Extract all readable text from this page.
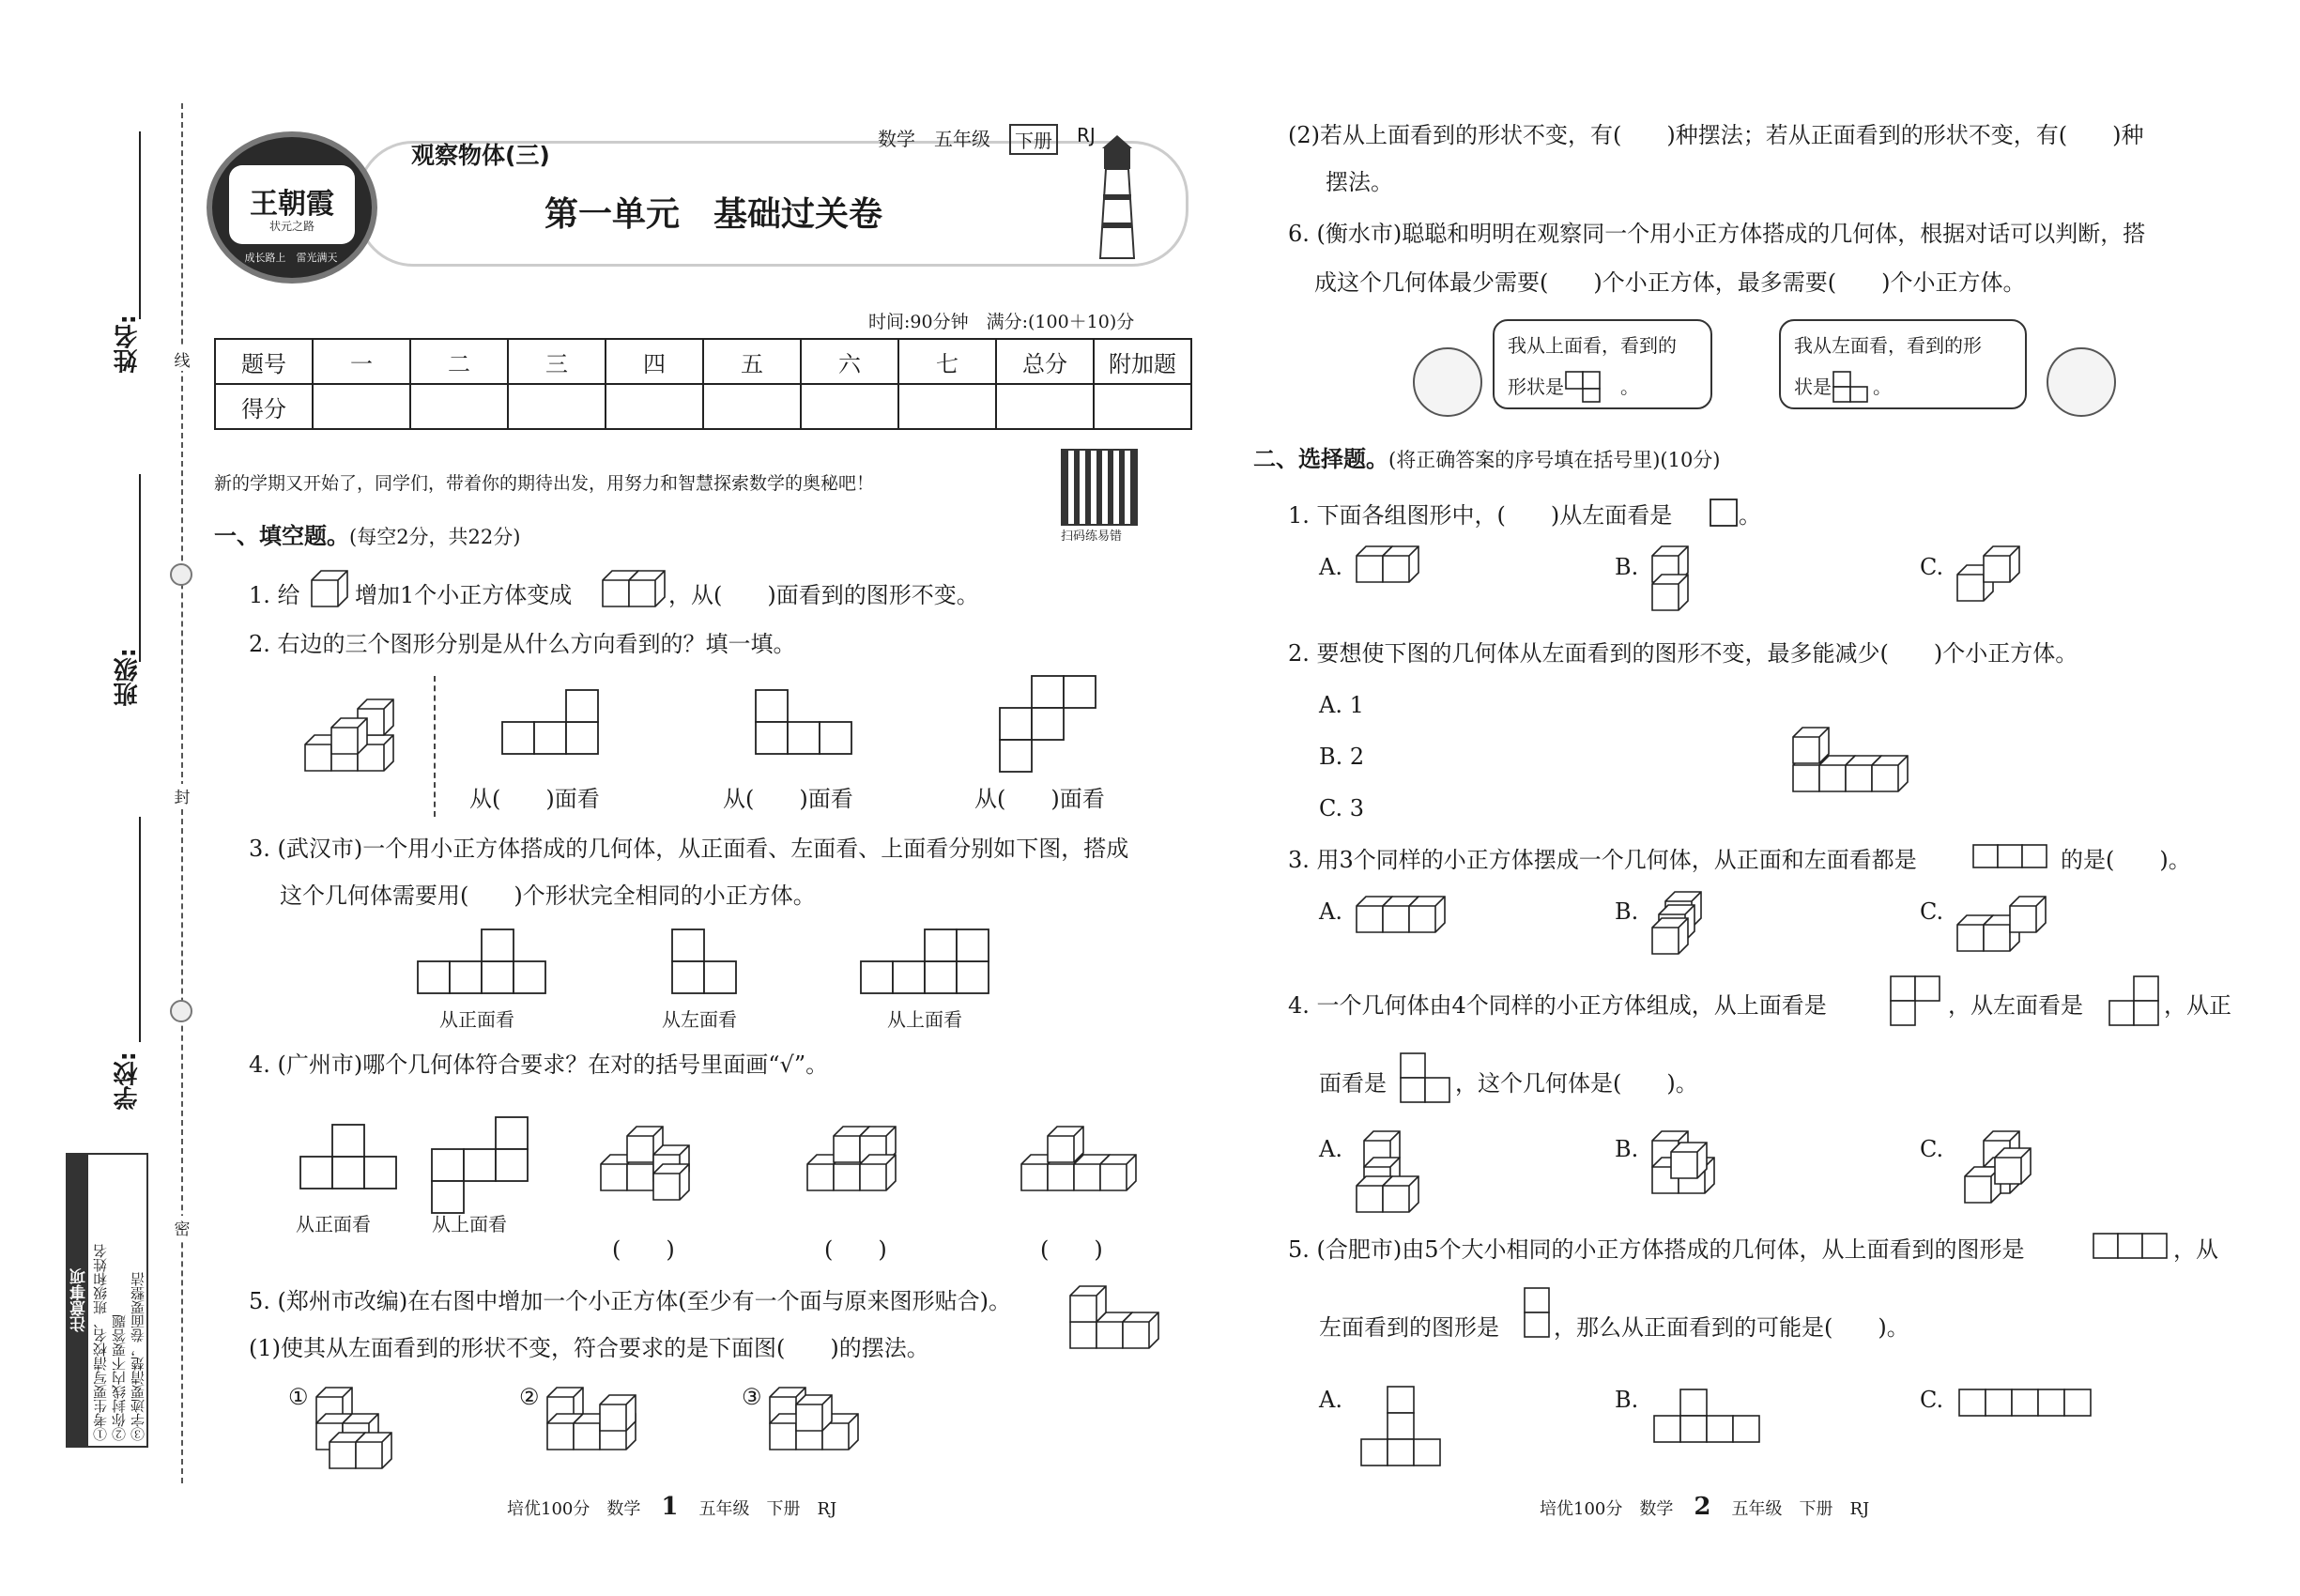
姓名:
班级:
学校:
线
封
密
注意事项 ①考生要写清校名、班级和姓名 ②你封线内不要答题 ③字迹要清楚，卷面要整洁
王朝霞
状元之路
成长路上　 雷光满天
观察物体(三)
数学 五年级	下册	RJ
第一单元　基础过关卷
时间:90分钟　满分:(100＋10)分
题号	一	二	三	四	五	六	七	总分	附加题
得分									
新的学期又开始了，同学们，带着你的期待出发，用努力和智慧探索数学的奥秘吧！
扫码练易错
一、填空题。(每空2分，共22分)
1. 给 增加1个小正方体变成	，从(　　)面看到的图形不变。
2. 右边的三个图形分别是从什么方向看到的？填一填。
从(　　)面看	从(　　)面看	从(　　)面看
3. (武汉市)一个用小正方体搭成的几何体，从正面看、左面看、上面看分别如下图，搭成
这个几何体需要用(　　)个形状完全相同的小正方体。
从正面看	从左面看	从上面看
4. (广州市)哪个几何体符合要求？在对的括号里面画“√”。
从正面看	从上面看
(　　)	(　　)	(　　)
5. (郑州市改编)在右图中增加一个小正方体(至少有一个面与原来图形贴合)。
(1)使其从左面看到的形状不变，符合要求的是下面图(　　)的摆法。
①	②	③
培优100分　数学 1 五年级　下册　RJ
(2)若从上面看到的形状不变，有(　　)种摆法；若从正面看到的形状不变，有(　　)种
摆法。
6. (衡水市)聪聪和明明在观察同一个用小正方体搭成的几何体，根据对话可以判断，搭
成这个几何体最少需要(　　)个小正方体，最多需要(　　)个小正方体。
我从上面看，看到的
形状是	。
我从左面看，看到的形
状是 。
二、选择题。(将正确答案的序号填在括号里)(10分)
1. 下面各组图形中，(　　)从左面看是	。
A.	B.	C.
2. 要想使下图的几何体从左面看到的图形不变，最多能减少(　　)个小正方体。
A. 1
B. 2
C. 3
3. 用3个同样的小正方体摆成一个几何体，从正面和左面看都是	的是(　　)。
A.	B.	C.
4. 一个几何体由4个同样的小正方体组成，从上面看是	，从左面看是	，从正
面看是	，这个几何体是(　　)。
A.	B.	C.
5. (合肥市)由5个大小相同的小正方体搭成的几何体，从上面看到的图形是	，从
左面看到的图形是 ，那么从正面看到的可能是(　　)。
A.	B.	C.
培优100分　数学 2 五年级　下册　RJ
